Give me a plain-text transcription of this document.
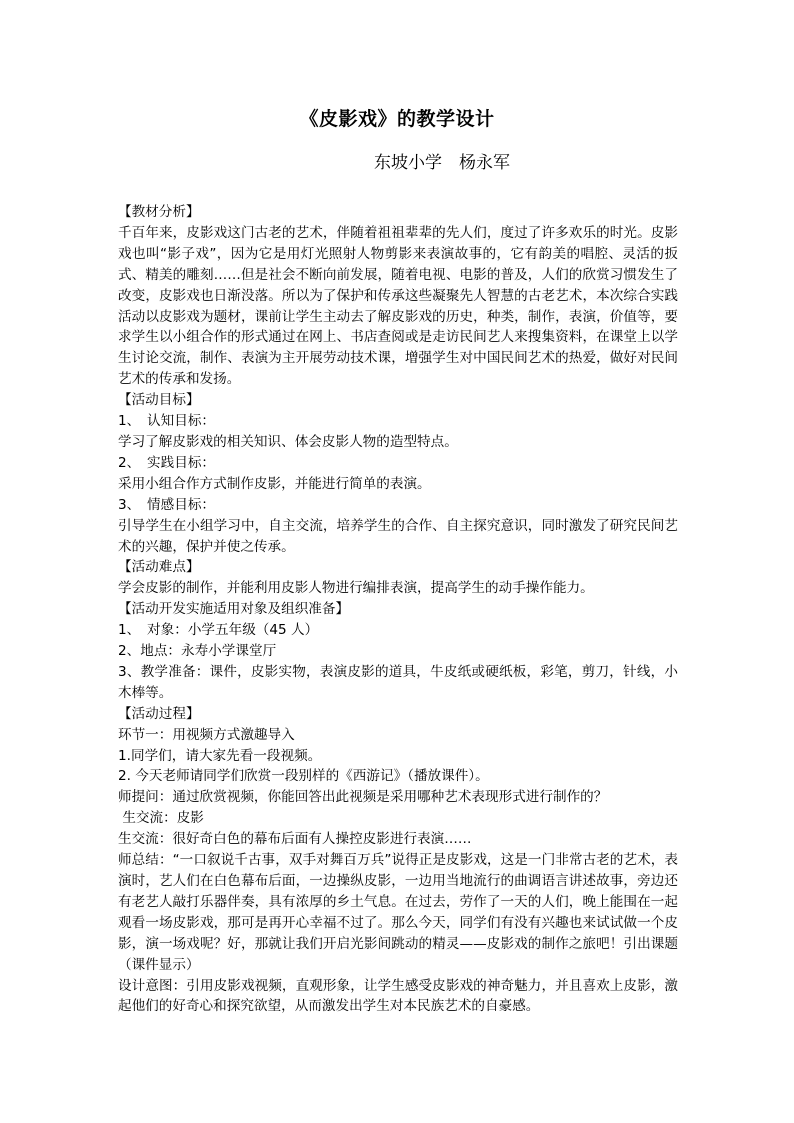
《皮影戏》的教学设计

东坡小学　杨永军

【教材分析】

千百年来，皮影戏这门古老的艺术，伴随着祖祖辈辈的先人们，度过了许多欢乐的时光。皮影戏也叫“影子戏”，因为它是用灯光照射人物剪影来表演故事的，它有韵美的唱腔、灵活的扳式、精美的雕刻……但是社会不断向前发展，随着电视、电影的普及，人们的欣赏习惯发生了改变，皮影戏也日渐没落。所以为了保护和传承这些凝聚先人智慧的古老艺术，本次综合实践活动以皮影戏为题材，课前让学生主动去了解皮影戏的历史，种类，制作，表演，价值等，要求学生以小组合作的形式通过在网上、书店查阅或是走访民间艺人来搜集资料，在课堂上以学生讨论交流，制作、表演为主开展劳动技术课，增强学生对中国民间艺术的热爱，做好对民间艺术的传承和发扬。

【活动目标】

1、　认知目标：

学习了解皮影戏的相关知识、体会皮影人物的造型特点。

2、　实践目标：

采用小组合作方式制作皮影，并能进行简单的表演。

3、　情感目标：

引导学生在小组学习中，自主交流，培养学生的合作、自主探究意识，同时激发了研究民间艺术的兴趣，保护并使之传承。

【活动难点】

学会皮影的制作，并能利用皮影人物进行编排表演，提高学生的动手操作能力。

【活动开发实施适用对象及组织准备】

1、　对象：小学五年级（45 人）

2、地点：永寿小学课堂厅

3、教学准备：课件，皮影实物，表演皮影的道具，牛皮纸或硬纸板，彩笔，剪刀，针线，小木棒等。

【活动过程】

环节一：用视频方式激趣导入

1.同学们，请大家先看一段视频。

2. 今天老师请同学们欣赏一段别样的《西游记》（播放课件）。

师提问：通过欣赏视频，你能回答出此视频是采用哪种艺术表现形式进行制作的？

生交流：皮影

生交流：很好奇白色的幕布后面有人操控皮影进行表演……

师总结：“一口叙说千古事，双手对舞百万兵”说得正是皮影戏，这是一门非常古老的艺术，表演时，艺人们在白色幕布后面，一边操纵皮影，一边用当地流行的曲调语言讲述故事，旁边还有老艺人敲打乐器伴奏，具有浓厚的乡土气息。在过去，劳作了一天的人们，晚上能围在一起观看一场皮影戏，那可是再开心幸福不过了。那么今天，同学们有没有兴趣也来试试做一个皮影，演一场戏呢？好，那就让我们开启光影间跳动的精灵——皮影戏的制作之旅吧！引出课题（课件显示）

设计意图：引用皮影戏视频，直观形象，让学生感受皮影戏的神奇魅力，并且喜欢上皮影，激起他们的好奇心和探究欲望，从而激发出学生对本民族艺术的自豪感。
